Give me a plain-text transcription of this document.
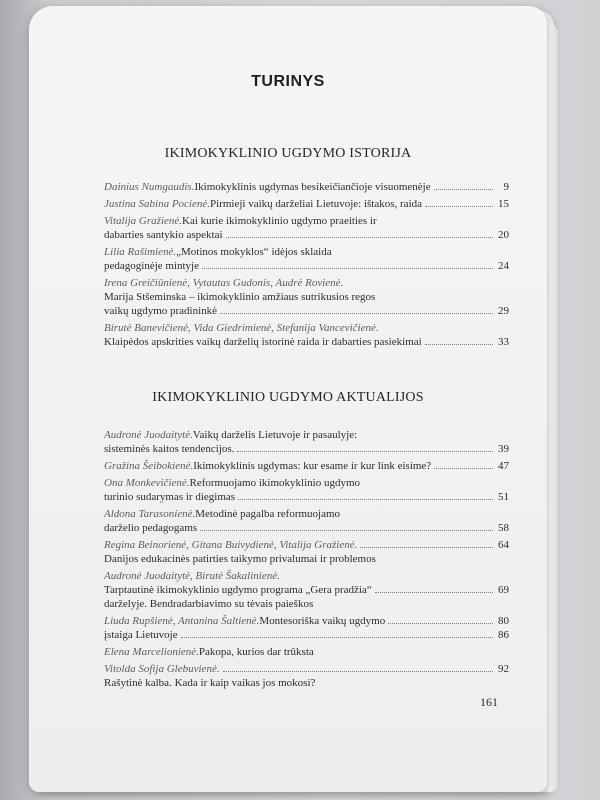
TURINYS
IKIMOKYKLINIO UGDYMO ISTORIJA
Dainius Numgaudis. Ikimokyklinis ugdymas besikeičiančioje visuomenėje	9
Justina Sabina Pocienė. Pirmieji vaikų darželiai Lietuvoje: ištakos, raida	15
Vitalija Gražienė. Kai kurie ikimokyklinio ugdymo praeities ir
dabarties santykio aspektai	20
Lilia Rašimienė. „Motinos mokyklos“ idėjos sklaida
pedagoginėje mintyje	24
Irena Greičiūnienė, Vytautas Gudonis, Audrė Rovienė.
Marija Stšeminska – ikimokyklinio amžiaus sutrikusios regos
vaikų ugdymo pradininkė	29
Birutė Banevičienė, Vida Giedrimienė, Stefanija Vancevičienė.
Klaipėdos apskrities vaikų darželių istorinė raida ir dabarties pasiekimai	33
IKIMOKYKLINIO UGDYMO AKTUALIJOS
Audronė Juodaitytė. Vaikų darželis Lietuvoje ir pasaulyje:
sisteminės kaitos tendencijos.	39
Gražina Šeibokienė. Ikimokyklinis ugdymas: kur esame ir kur link eisime?	47
Ona Monkevičienė. Reformuojamo ikimokyklinio ugdymo
turinio sudarymas ir diegimas	51
Aldona Tarasonienė. Metodinė pagalba reformuojamo
darželio pedagogams	58
Regina Beinorienė, Gitana Buivydienė, Vitalija Gražienė.	64
Danijos edukacinės patirties taikymo privalumai ir problemos
Audronė Juodaitytė, Birutė Šakalinienė.
Tarptautinė ikimokyklinio ugdymo programa „Gera pradžia“	69
darželyje. Bendradarbiavimo su tėvais paieškos
Liuda Rupšienė, Antanina Šaltienė. Montesoriška vaikų ugdymo	80
įstaiga Lietuvoje	86
Elena Marcelionienė. Pakopa, kurios dar trūksta
Vitolda Sofija Glebuvienė.	92
Rašytinė kalba. Kada ir kaip vaikas jos mokosi?
161
